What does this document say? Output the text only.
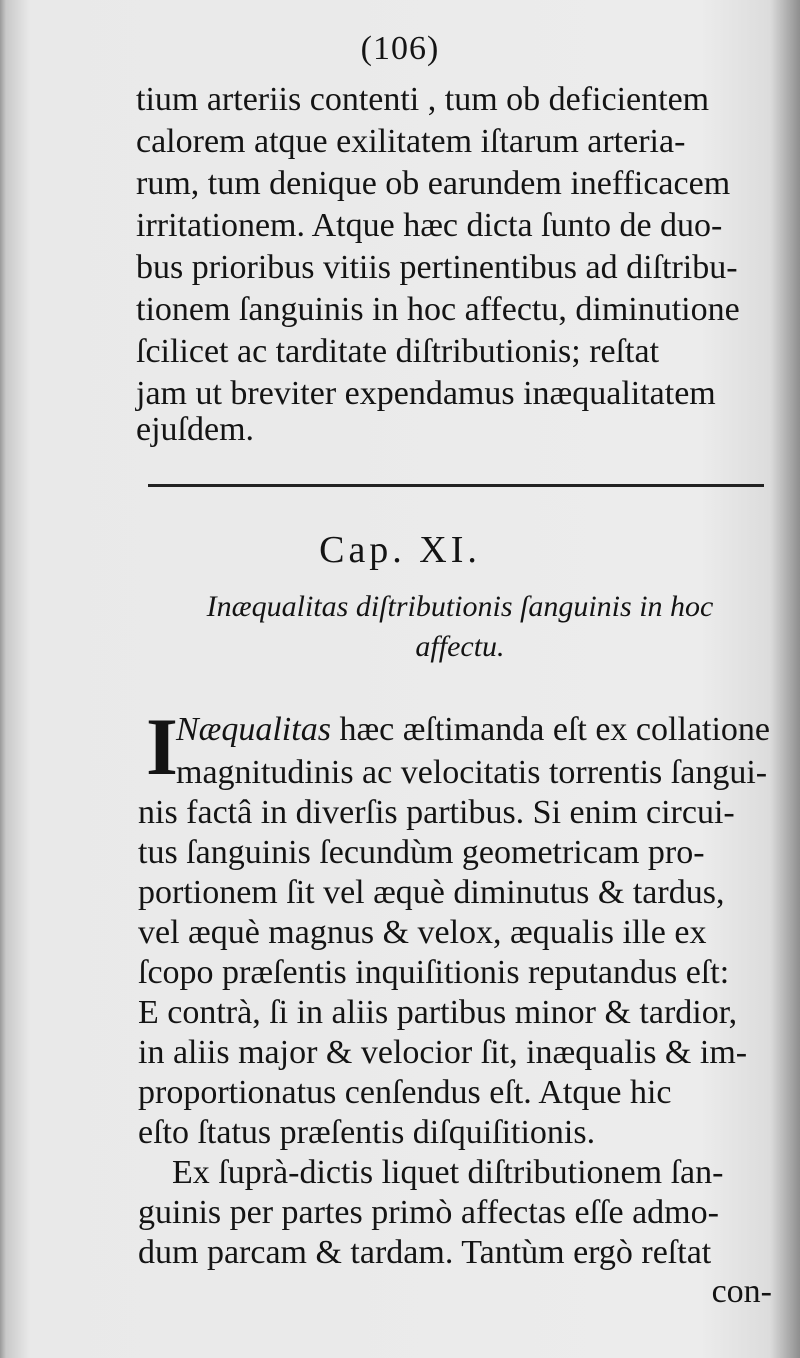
(106)
tium arteriis contenti , tum ob deficientem
calorem atque exilitatem iſtarum arteria-
rum, tum denique ob earundem inefficacem
irritationem. Atque hæc dicta ſunto de duo-
bus prioribus vitiis pertinentibus ad diſtribu-
tionem ſanguinis in hoc affectu, diminutione
ſcilicet ac tarditate diſtributionis; reſtat
jam ut breviter expendamus inæqualitatem
ejuſdem.
Cap. XI.
Inæqualitas diſtributionis ſanguinis in hoc
affectu.
I
Næqualitas hæc æſtimanda eſt ex collatione
magnitudinis ac velocitatis torrentis ſangui-
nis factâ in diverſis partibus. Si enim circui-
tus ſanguinis ſecundùm geometricam pro-
portionem ſit vel æquè diminutus & tardus,
vel æquè magnus & velox, æqualis ille ex
ſcopo præſentis inquiſitionis reputandus eſt:
E contrà, ſi in aliis partibus minor & tardior,
in aliis major & velocior ſit, inæqualis & im-
proportionatus cenſendus eſt. Atque hic
eſto ſtatus præſentis diſquiſitionis.
Ex ſuprà-dictis liquet diſtributionem ſan-
guinis per partes primò affectas eſſe admo-
dum parcam & tardam. Tantùm ergò reſtat
con-
